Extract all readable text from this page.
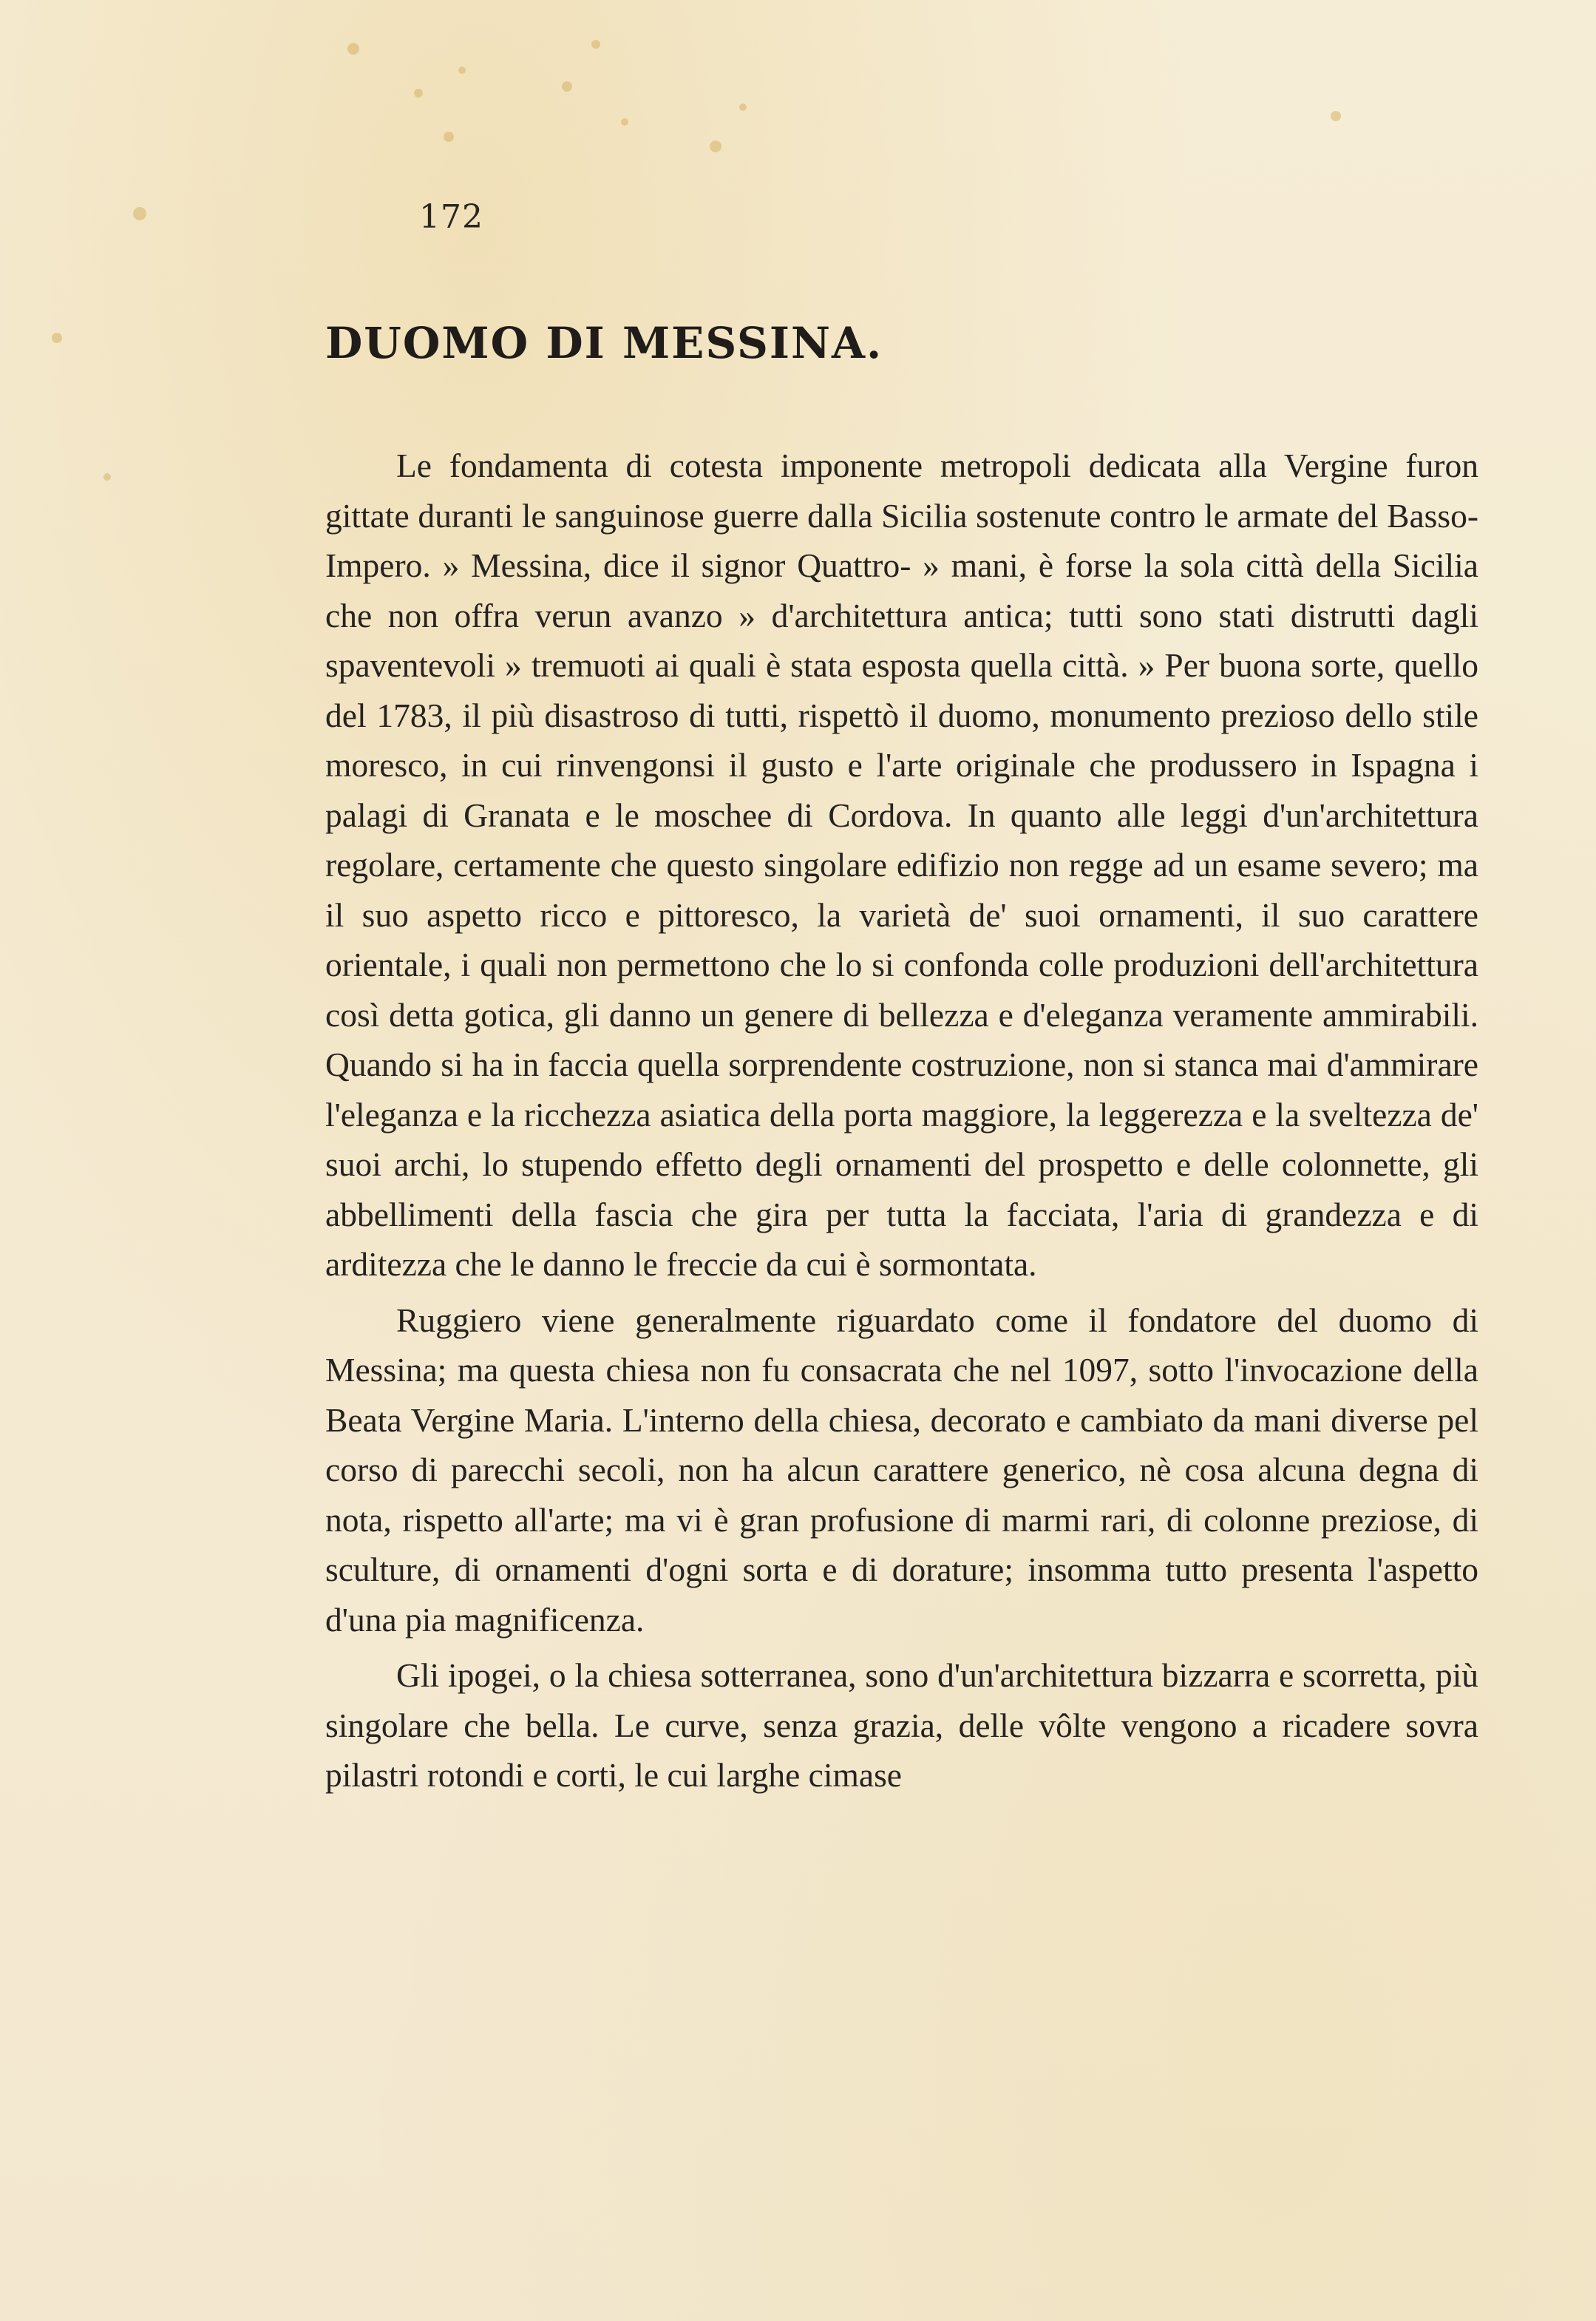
172
DUOMO DI MESSINA.

Le fondamenta di cotesta imponente metropoli dedicata alla Vergine furon gittate duranti le sanguinose guerre dalla Sicilia sostenute contro le armate del Basso-Impero. » Messina, dice il signor Quattro- » mani, è forse la sola città della Sicilia che non offra verun avanzo » d'architettura antica; tutti sono stati distrutti dagli spaventevoli » tremuoti ai quali è stata esposta quella città. » Per buona sorte, quello del 1783, il più disastroso di tutti, rispettò il duomo, monumento prezioso dello stile moresco, in cui rinvengonsi il gusto e l'arte originale che produssero in Ispagna i palagi di Granata e le moschee di Cordova. In quanto alle leggi d'un'architettura regolare, certamente che questo singolare edifizio non regge ad un esame severo; ma il suo aspetto ricco e pittoresco, la varietà de' suoi ornamenti, il suo carattere orientale, i quali non permettono che lo si confonda colle produzioni dell'architettura così detta gotica, gli danno un genere di bellezza e d'eleganza veramente ammirabili. Quando si ha in faccia quella sorprendente costruzione, non si stanca mai d'ammirare l'eleganza e la ricchezza asiatica della porta maggiore, la leggerezza e la sveltezza de' suoi archi, lo stupendo effetto degli ornamenti del prospetto e delle colonnette, gli abbellimenti della fascia che gira per tutta la facciata, l'aria di grandezza e di arditezza che le danno le freccie da cui è sormontata.

Ruggiero viene generalmente riguardato come il fondatore del duomo di Messina; ma questa chiesa non fu consacrata che nel 1097, sotto l'invocazione della Beata Vergine Maria. L'interno della chiesa, decorato e cambiato da mani diverse pel corso di parecchi secoli, non ha alcun carattere generico, nè cosa alcuna degna di nota, rispetto all'arte; ma vi è gran profusione di marmi rari, di colonne preziose, di sculture, di ornamenti d'ogni sorta e di dorature; insomma tutto presenta l'aspetto d'una pia magnificenza.

Gli ipogei, o la chiesa sotterranea, sono d'un'architettura bizzarra e scorretta, più singolare che bella. Le curve, senza grazia, delle vôlte vengono a ricadere sovra pilastri rotondi e corti, le cui larghe cimase
